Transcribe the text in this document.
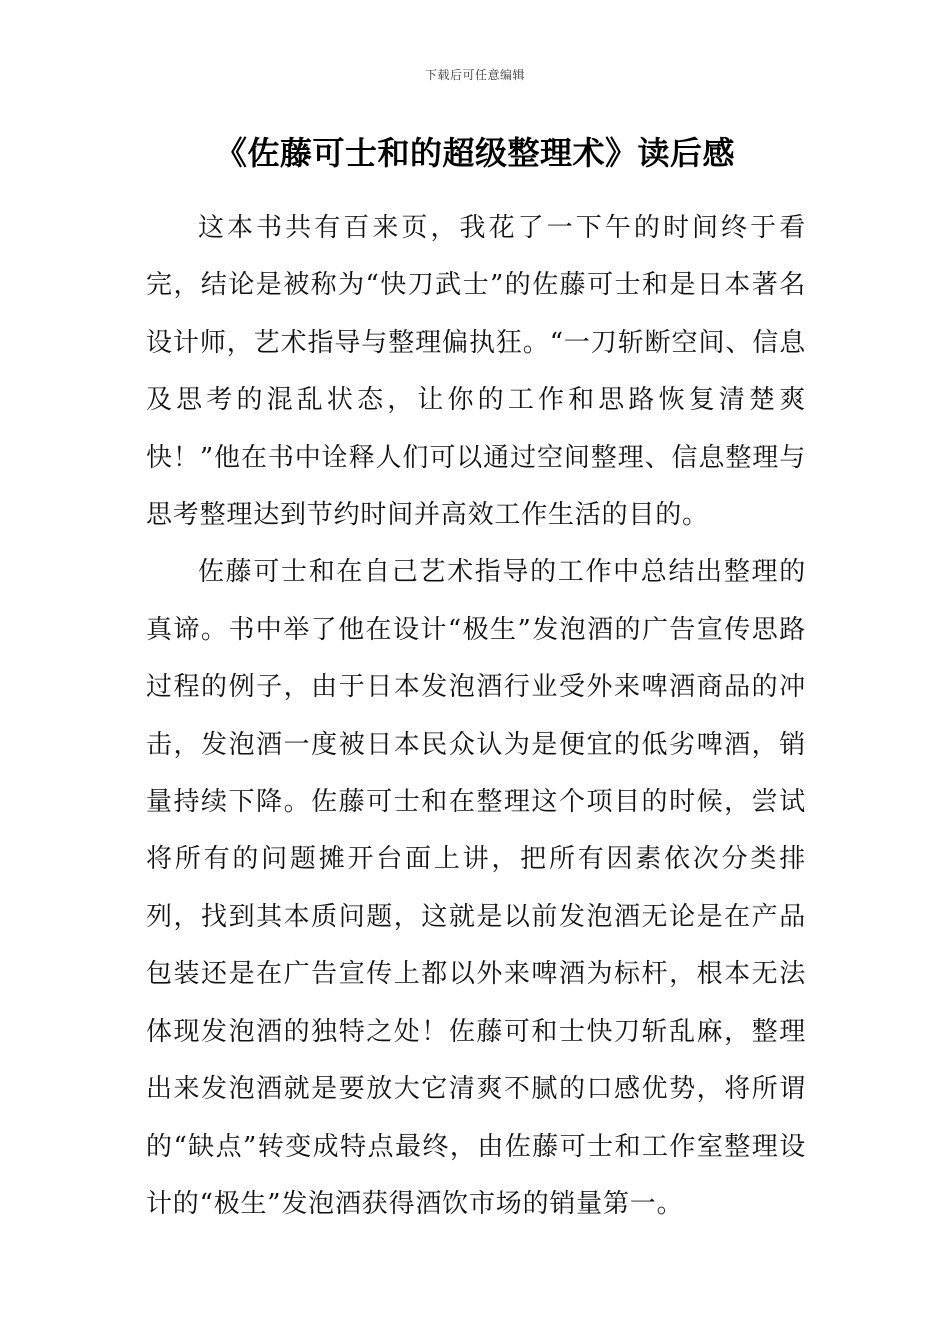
下载后可任意编辑
《佐藤可士和的超级整理术》读后感

这本书共有百来页，我花了一下午的时间终于看完，结论是被称为“快刀武士”的佐藤可士和是日本著名设计师，艺术指导与整理偏执狂。“一刀斩断空间、信息及思考的混乱状态，让你的工作和思路恢复清楚爽快！”他在书中诠释人们可以通过空间整理、信息整理与思考整理达到节约时间并高效工作生活的目的。

佐藤可士和在自己艺术指导的工作中总结出整理的真谛。书中举了他在设计“极生”发泡酒的广告宣传思路过程的例子，由于日本发泡酒行业受外来啤酒商品的冲击，发泡酒一度被日本民众认为是便宜的低劣啤酒，销量持续下降。佐藤可士和在整理这个项目的时候，尝试将所有的问题摊开台面上讲，把所有因素依次分类排列，找到其本质问题，这就是以前发泡酒无论是在产品包装还是在广告宣传上都以外来啤酒为标杆，根本无法体现发泡酒的独特之处！佐藤可和士快刀斩乱麻，整理出来发泡酒就是要放大它清爽不腻的口感优势，将所谓的“缺点”转变成特点最终，由佐藤可士和工作室整理设计的“极生”发泡酒获得酒饮市场的销量第一。
